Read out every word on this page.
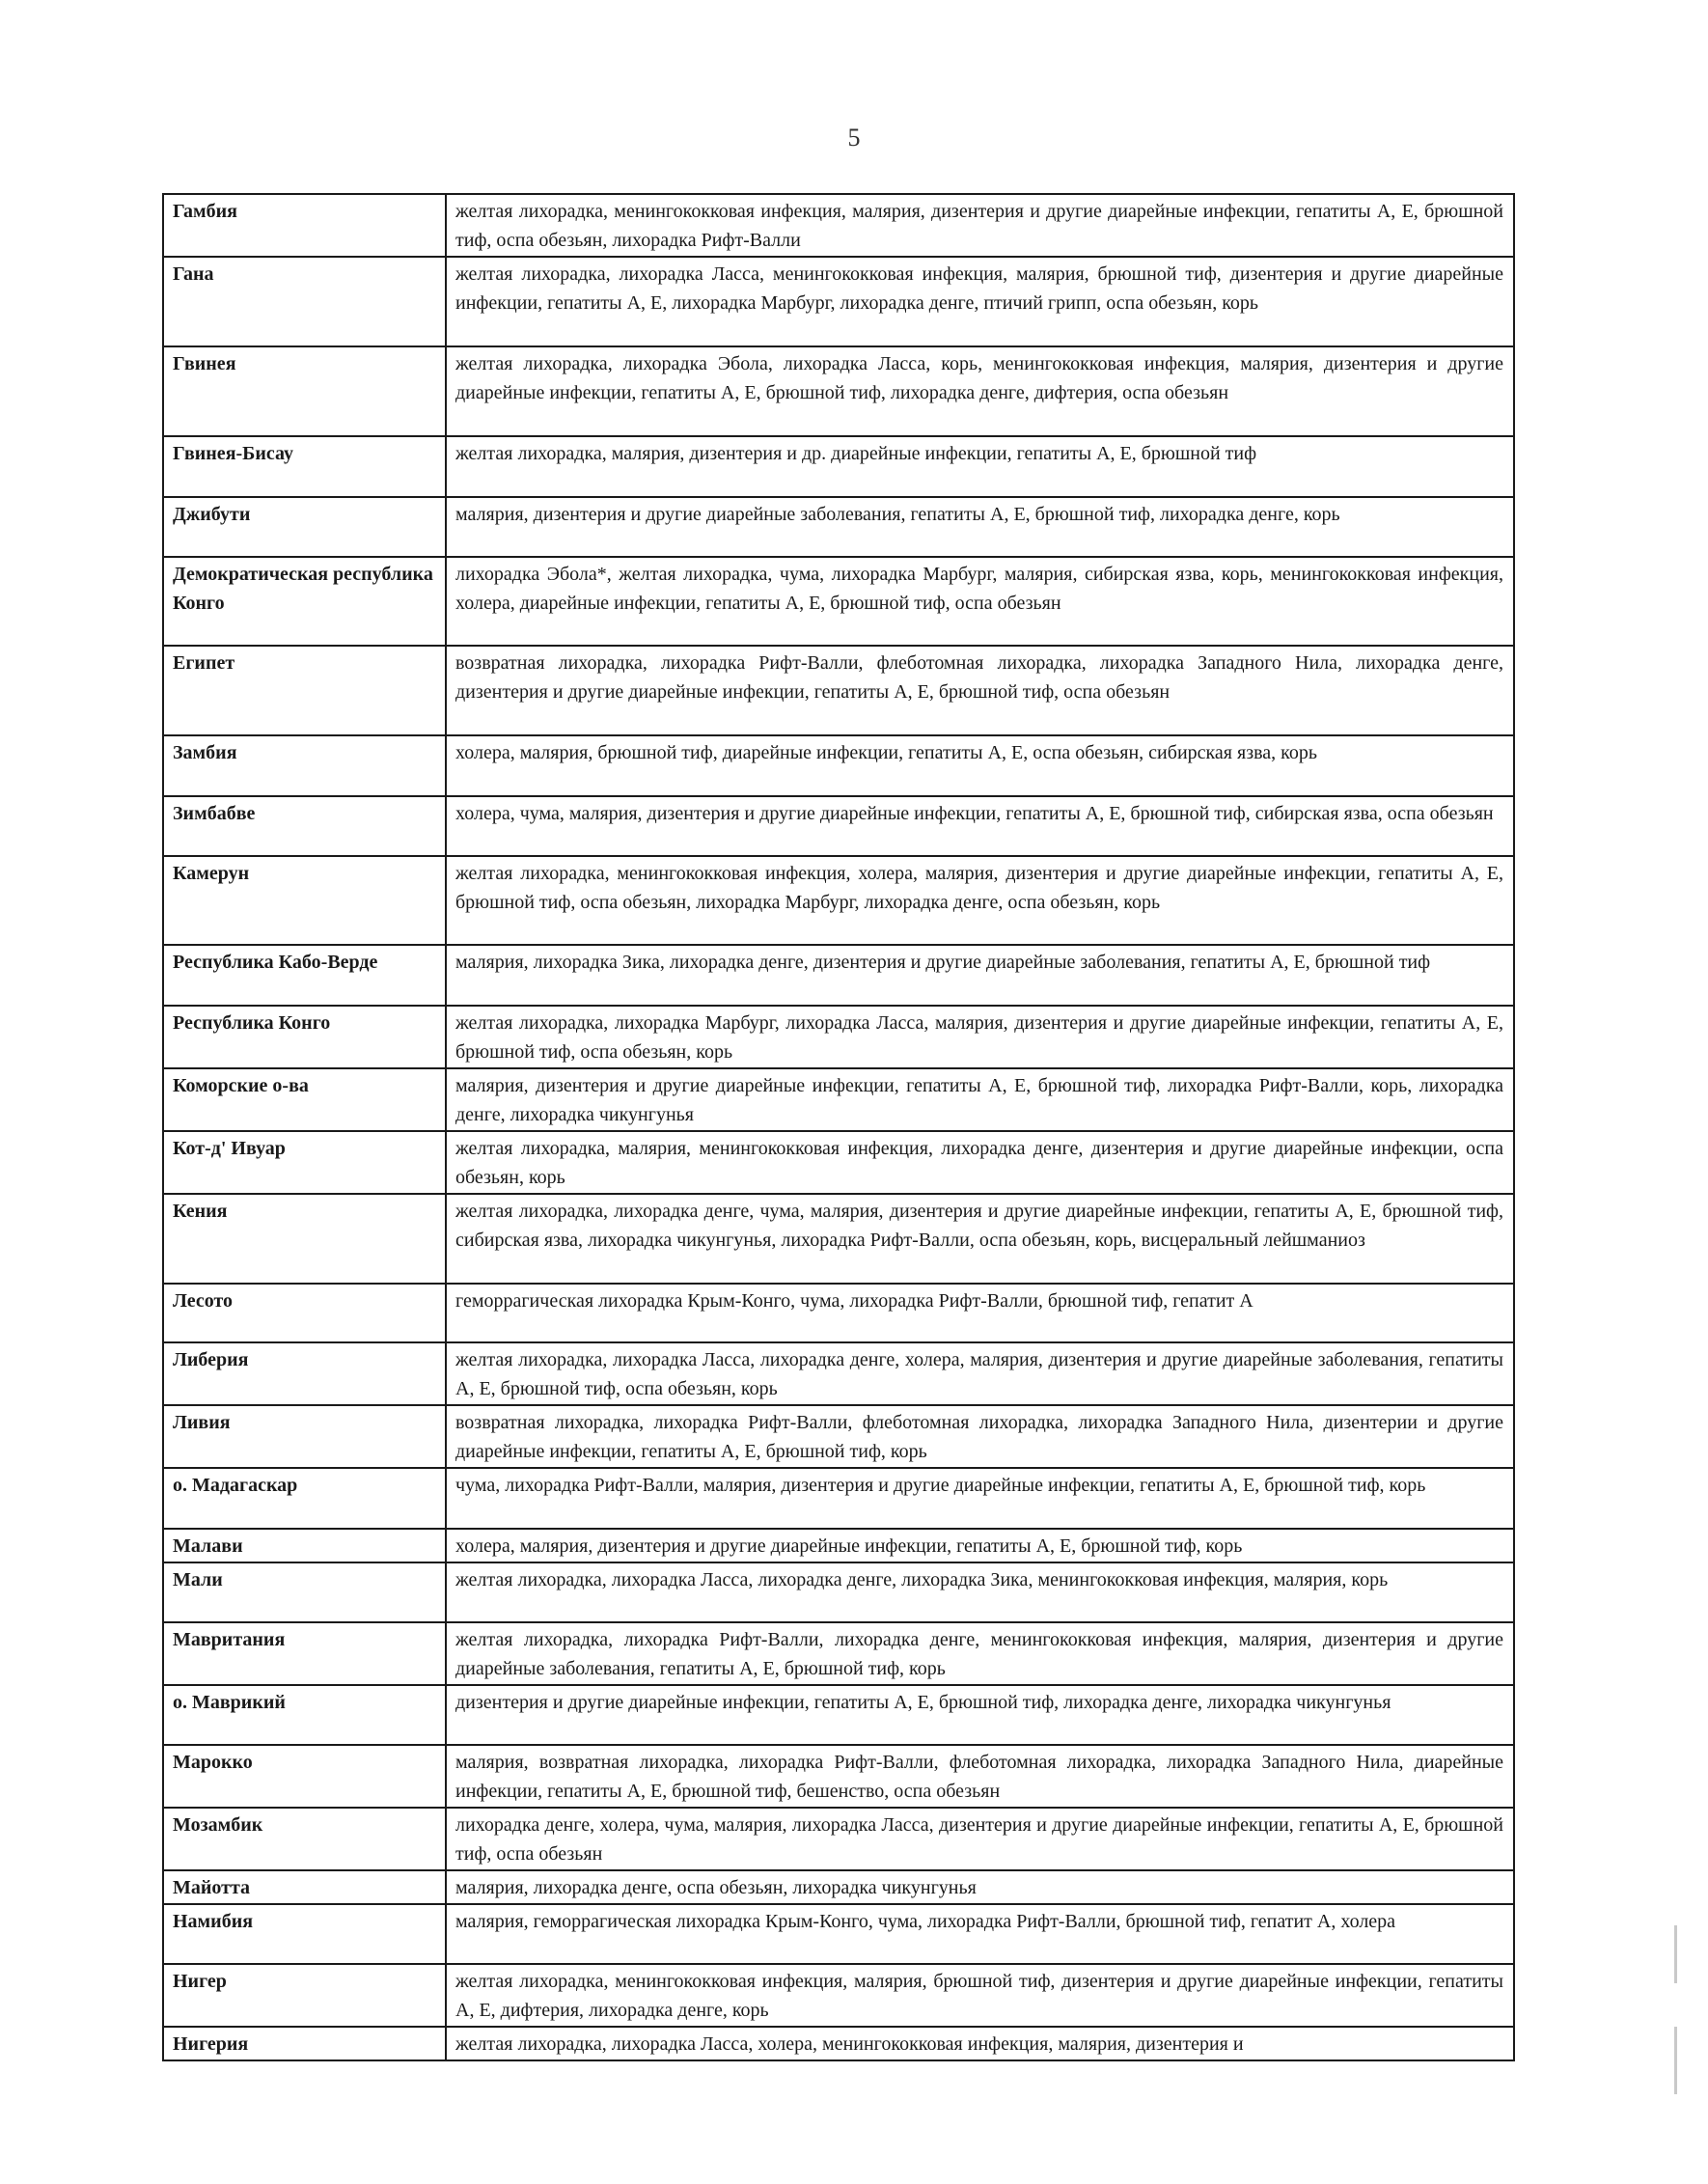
5
Гамбия	желтая лихорадка, менингококковая инфекция, малярия, дизентерия и другие диарейные инфекции, гепатиты А, Е, брюшной тиф, оспа обезьян, лихорадка Рифт-Валли
Гана	желтая лихорадка, лихорадка Ласса, менингококковая инфекция, малярия, брюшной тиф, дизентерия и другие диарейные инфекции, гепатиты А, Е, лихорадка Марбург, лихорадка денге, птичий грипп, оспа обезьян, корь
Гвинея	желтая лихорадка, лихорадка Эбола, лихорадка Ласса, корь, менингококковая инфекция, малярия, дизентерия и другие диарейные инфекции, гепатиты А, Е, брюшной тиф, лихорадка денге, дифтерия, оспа обезьян
Гвинея-Бисау	желтая лихорадка, малярия, дизентерия и др. диарейные инфекции, гепатиты А, Е, брюшной тиф
Джибути	малярия, дизентерия и другие диарейные заболевания, гепатиты А, Е, брюшной тиф, лихорадка денге, корь
Демократическая республика Конго	лихорадка Эбола*, желтая лихорадка, чума, лихорадка Марбург, малярия, сибирская язва, корь, менингококковая инфекция, холера, диарейные инфекции, гепатиты А, Е, брюшной тиф, оспа обезьян
Египет	возвратная лихорадка, лихорадка Рифт-Валли, флеботомная лихорадка, лихорадка Западного Нила, лихорадка денге, дизентерия и другие диарейные инфекции, гепатиты А, Е, брюшной тиф, оспа обезьян
Замбия	холера, малярия, брюшной тиф, диарейные инфекции, гепатиты А, Е, оспа обезьян, сибирская язва, корь
Зимбабве	холера, чума, малярия, дизентерия и другие диарейные инфекции, гепатиты А, Е, брюшной тиф, сибирская язва, оспа обезьян
Камерун	желтая лихорадка, менингококковая инфекция, холера, малярия, дизентерия и другие диарейные инфекции, гепатиты А, Е, брюшной тиф, оспа обезьян, лихорадка Марбург, лихорадка денге, оспа обезьян, корь
Республика Кабо-Верде	малярия, лихорадка Зика, лихорадка денге, дизентерия и другие диарейные заболевания, гепатиты А, Е, брюшной тиф
Республика Конго	желтая лихорадка, лихорадка Марбург, лихорадка Ласса, малярия, дизентерия и другие диарейные инфекции, гепатиты А, Е, брюшной тиф, оспа обезьян, корь
Коморские о-ва	малярия, дизентерия и другие диарейные инфекции, гепатиты А, Е, брюшной тиф, лихорадка Рифт-Валли, корь, лихорадка денге, лихорадка чикунгунья
Кот-д' Ивуар	желтая лихорадка, малярия, менингококковая инфекция, лихорадка денге, дизентерия и другие диарейные инфекции, оспа обезьян, корь
Кения	желтая лихорадка, лихорадка денге, чума, малярия, дизентерия и другие диарейные инфекции, гепатиты А, Е, брюшной тиф, сибирская язва, лихорадка чикунгунья, лихорадка Рифт-Валли, оспа обезьян, корь, висцеральный лейшманиоз
Лесото	геморрагическая лихорадка Крым-Конго, чума, лихорадка Рифт-Валли, брюшной тиф, гепатит А
Либерия	желтая лихорадка, лихорадка Ласса, лихорадка денге, холера, малярия, дизентерия и другие диарейные заболевания, гепатиты А, Е, брюшной тиф, оспа обезьян, корь
Ливия	возвратная лихорадка, лихорадка Рифт-Валли, флеботомная лихорадка, лихорадка Западного Нила, дизентерии и другие диарейные инфекции, гепатиты А, Е, брюшной тиф, корь
о. Мадагаскар	чума, лихорадка Рифт-Валли, малярия, дизентерия и другие диарейные инфекции, гепатиты А, Е, брюшной тиф, корь
Малави	холера, малярия, дизентерия и другие диарейные инфекции, гепатиты А, Е, брюшной тиф, корь
Мали	желтая лихорадка, лихорадка Ласса, лихорадка денге, лихорадка Зика, менингококковая инфекция, малярия, корь
Мавритания	желтая лихорадка, лихорадка Рифт-Валли, лихорадка денге, менингококковая инфекция, малярия, дизентерия и другие диарейные заболевания, гепатиты А, Е, брюшной тиф, корь
о. Маврикий	дизентерия и другие диарейные инфекции, гепатиты А, Е, брюшной тиф, лихорадка денге, лихорадка чикунгунья
Марокко	малярия, возвратная лихорадка, лихорадка Рифт-Валли, флеботомная лихорадка, лихорадка Западного Нила, диарейные инфекции, гепатиты А, Е, брюшной тиф, бешенство, оспа обезьян
Мозамбик	лихорадка денге, холера, чума, малярия, лихорадка Ласса, дизентерия и другие диарейные инфекции, гепатиты А, Е, брюшной тиф, оспа обезьян
Майотта	малярия, лихорадка денге, оспа обезьян, лихорадка чикунгунья
Намибия	малярия, геморрагическая лихорадка Крым-Конго, чума, лихорадка Рифт-Валли, брюшной тиф, гепатит А, холера
Нигер	желтая лихорадка, менингококковая инфекция, малярия, брюшной тиф, дизентерия и другие диарейные инфекции, гепатиты А, Е, дифтерия, лихорадка денге, корь
Нигерия	желтая лихорадка, лихорадка Ласса, холера, менингококковая инфекция, малярия, дизентерия и
